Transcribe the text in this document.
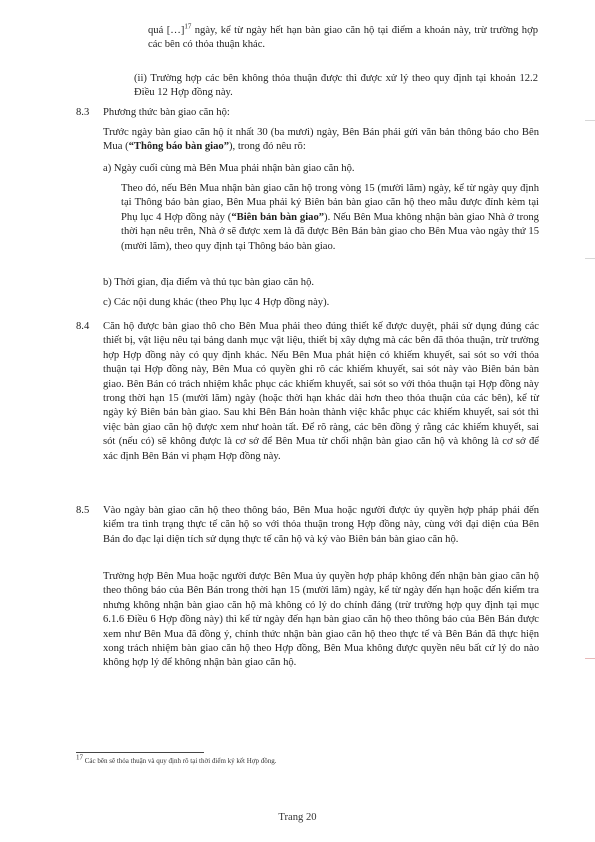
quá […]$^{17}$ ngày, kể từ ngày hết hạn bàn giao căn hộ tại điểm a khoản này, trừ trường hợp các bên có thỏa thuận khác.

(ii) Trường hợp các bên không thỏa thuận được thì được xử lý theo quy định tại khoản 12.2 Điều 12 Hợp đồng này.

8.3 Phương thức bàn giao căn hộ:

Trước ngày bàn giao căn hộ ít nhất 30 (ba mươi) ngày, Bên Bán phải gửi văn bản thông báo cho Bên Mua (“Thông báo bàn giao”), trong đó nêu rõ:

a) Ngày cuối cùng mà Bên Mua phải nhận bàn giao căn hộ.

Theo đó, nếu Bên Mua nhận bàn giao căn hộ trong vòng 15 (mười lăm) ngày, kể từ ngày quy định tại Thông báo bàn giao, Bên Mua phải ký Biên bản bàn giao căn hộ theo mẫu được đính kèm tại Phụ lục 4 Hợp đồng này (“Biên bản bàn giao”). Nếu Bên Mua không nhận bàn giao Nhà ở trong thời hạn nêu trên, Nhà ở sẽ được xem là đã được Bên Bán bàn giao cho Bên Mua vào ngày thứ 15 (mười lăm), theo quy định tại Thông báo bàn giao.

b) Thời gian, địa điểm và thủ tục bàn giao căn hộ.

c) Các nội dung khác (theo Phụ lục 4 Hợp đồng này).

8.4 Căn hộ được bàn giao thô cho Bên Mua phải theo đúng thiết kế được duyệt, phải sử dụng đúng các thiết bị, vật liệu nêu tại bảng danh mục vật liệu, thiết bị xây dựng mà các bên đã thỏa thuận, trừ trường hợp Hợp đồng này có quy định khác. Nếu Bên Mua phát hiện có khiếm khuyết, sai sót so với thỏa thuận tại Hợp đồng này, Bên Mua có quyền ghi rõ các khiếm khuyết, sai sót này vào Biên bản bàn giao. Bên Bán có trách nhiệm khắc phục các khiếm khuyết, sai sót so với thỏa thuận tại Hợp đồng này trong thời hạn 15 (mười lăm) ngày (hoặc thời hạn khác dài hơn theo thỏa thuận của các bên), kể từ ngày ký Biên bản bàn giao. Sau khi Bên Bán hoàn thành việc khắc phục các khiếm khuyết, sai sót thì việc bàn giao căn hộ được xem như hoàn tất. Để rõ ràng, các bên đồng ý rằng các khiếm khuyết, sai sót (nếu có) sẽ không được là cơ sở để Bên Mua từ chối nhận bàn giao căn hộ và không là cơ sở để xác định Bên Bán vi phạm Hợp đồng này.

8.5 Vào ngày bàn giao căn hộ theo thông báo, Bên Mua hoặc người được ủy quyền hợp pháp phải đến kiểm tra tình trạng thực tế căn hộ so với thỏa thuận trong Hợp đồng này, cùng với đại diện của Bên Bán đo đạc lại diện tích sử dụng thực tế căn hộ và ký vào Biên bản bàn giao căn hộ.

Trường hợp Bên Mua hoặc người được Bên Mua ủy quyền hợp pháp không đến nhận bàn giao căn hộ theo thông báo của Bên Bán trong thời hạn 15 (mười lăm) ngày, kể từ ngày đến hạn hoặc đến kiểm tra nhưng không nhận bàn giao căn hộ mà không có lý do chính đáng (trừ trường hợp quy định tại mục 6.1.6 Điều 6 Hợp đồng này) thì kể từ ngày đến hạn bàn giao căn hộ theo thông báo của Bên Bán được xem như Bên Mua đã đồng ý, chính thức nhận bàn giao căn hộ theo thực tế và Bên Bán đã thực hiện xong trách nhiệm bàn giao căn hộ theo Hợp đồng, Bên Mua không được quyền nêu bất cứ lý do nào không hợp lý để không nhận bàn giao căn hộ.

$^{17}$ Các bên sẽ thỏa thuận và quy định rõ tại thời điểm ký kết Hợp đồng.
Trang 20
